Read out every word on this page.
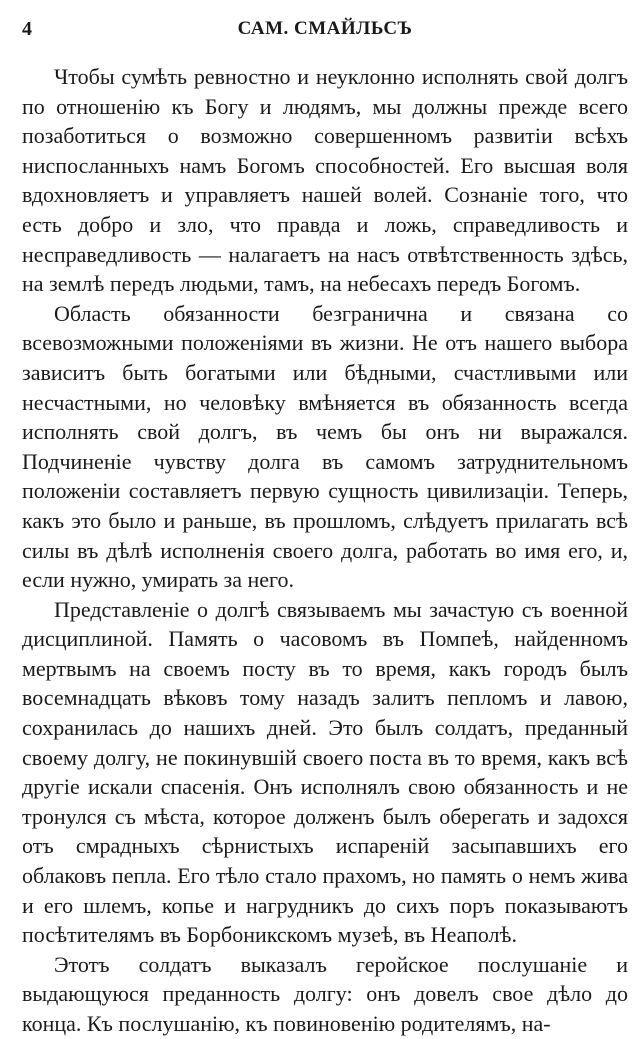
4	САМ. СМАЙЛЬСЪ

Чтобы сумѣть ревностно и неуклонно исполнять свой долгъ по отношенію къ Богу и людямъ, мы должны прежде всего позаботиться о возможно совершенномъ развитіи всѣхъ ниспосланныхъ намъ Богомъ способностей. Его высшая воля вдохновляетъ и управляетъ нашей волей. Сознаніе того, что есть добро и зло, что правда и ложь, справедливость и несправедливость — налагаетъ на насъ отвѣтственность здѣсь, на землѣ передъ людьми, тамъ, на небесахъ передъ Богомъ.

Область обязанности безгранична и связана со всевозможными положеніями въ жизни. Не отъ нашего выбора зависитъ быть богатыми или бѣдными, счастливыми или несчастными, но человѣку вмѣняется въ обязанность всегда исполнять свой долгъ, въ чемъ бы онъ ни выражался. Подчиненіе чувству долга въ самомъ затруднительномъ положеніи составляетъ первую сущность цивилизаціи. Теперь, какъ это было и раньше, въ прошломъ, слѣдуетъ прилагать всѣ силы въ дѣлѣ исполненія своего долга, работать во имя его, и, если нужно, умирать за него.

Представленіе о долгѣ связываемъ мы зачастую съ военной дисциплиной. Память о часовомъ въ Помпеѣ, найденномъ мертвымъ на своемъ посту въ то время, какъ городъ былъ восемнадцать вѣковъ тому назадъ залитъ пепломъ и лавою, сохранилась до нашихъ дней. Это былъ солдатъ, преданный своему долгу, не покинувшій своего поста въ то время, какъ всѣ другіе искали спасенія. Онъ исполнялъ свою обязанность и не тронулся съ мѣста, которое долженъ былъ оберегать и задохся отъ смрадныхъ сѣрнистыхъ испареній засыпавшихъ его облаковъ пепла. Его тѣло стало прахомъ, но память о немъ жива и его шлемъ, копье и нагрудникъ до сихъ поръ показываютъ посѣтителямъ въ Борбоникскомъ музеѣ, въ Неаполѣ.

Этотъ солдатъ выказалъ геройское послушаніе и выдающуюся преданность долгу: онъ довелъ свое дѣло до конца. Къ послушанію, къ повиновенію родителямъ, на-
